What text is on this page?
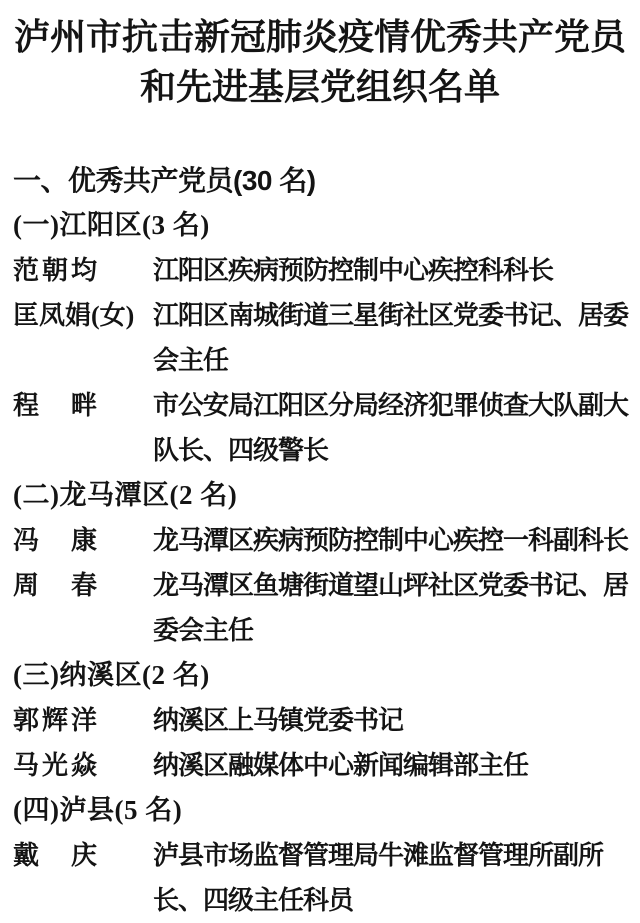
泸州市抗击新冠肺炎疫情优秀共产党员
和先进基层党组织名单
一、优秀共产党员(30 名)
(一)江阳区(3 名)
范朝均	江阳区疾病预防控制中心疾控科科长
匡凤娟(女) 江阳区南城街道三星街社区党委书记、居委会主任
程畔	市公安局江阳区分局经济犯罪侦查大队副大队长、四级警长
(二)龙马潭区(2 名)
冯康	龙马潭区疾病预防控制中心疾控一科副科长
周春	龙马潭区鱼塘街道望山坪社区党委书记、居委会主任
(三)纳溪区(2 名)
郭辉洋	纳溪区上马镇党委书记
马光焱	纳溪区融媒体中心新闻编辑部主任
(四)泸县(5 名)
戴庆	泸县市场监督管理局牛滩监督管理所副所长、四级主任科员
